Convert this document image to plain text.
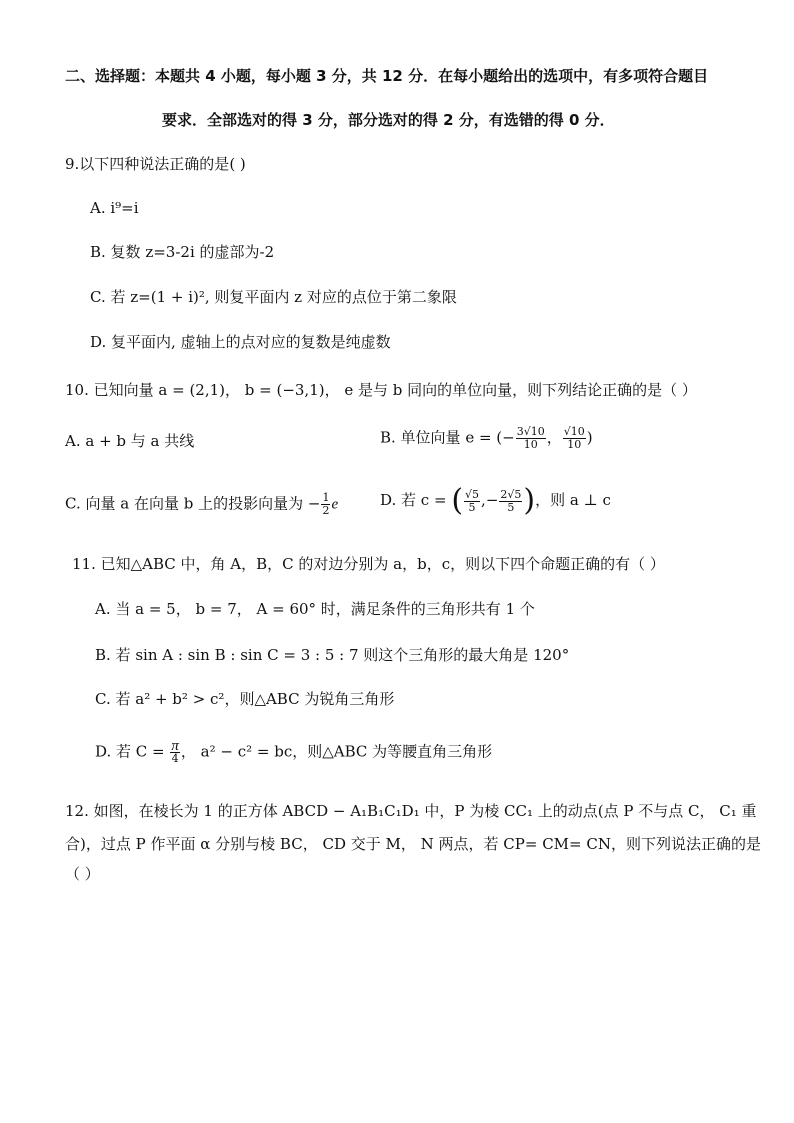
二、选择题：本题共 4 小题，每小题 3 分，共 12 分．在每小题给出的选项中，有多项符合题目
要求．全部选对的得 3 分，部分选对的得 2 分，有选错的得 0 分．
9.以下四种说法正确的是( )
A. i⁹=i
B. 复数 z=3-2i 的虚部为-2
C. 若 z=(1 + i)², 则复平面内 z 对应的点位于第二象限
D. 复平面内, 虚轴上的点对应的复数是纯虚数
10. 已知向量 a = (2,1)， b = (−3,1)， e 是与 b 同向的单位向量，则下列结论正确的是（ ）
A. a + b 与 a 共线	B. 单位向量 e = (− $\frac{3√10}{10}$ ， $\frac{√10}{10}$ )
C. 向量 a 在向量 b 上的投影向量为 − $\frac{1}{2}$ e	D. 若 c = ( $\frac{√5}{5}$ ,− $\frac{2√5}{5}$ )，则 a ⊥ c
11. 已知△ABC 中，角 A，B，C 的对边分别为 a，b，c，则以下四个命题正确的有（ ）
A. 当 a = 5， b = 7， A = 60° 时，满足条件的三角形共有 1 个
B. 若 sin A : sin B : sin C = 3 : 5 : 7 则这个三角形的最大角是 120°
C. 若 a² + b² > c²，则△ABC 为锐角三角形
D. 若 $C = \frac{\pi}{4}$ ， a² − c² = bc，则△ABC 为等腰直角三角形
12. 如图，在棱长为 1 的正方体 ABCD − A₁B₁C₁D₁ 中，P 为棱 CC₁ 上的动点(点 P 不与点 C， C₁ 重
合)，过点 P 作平面 α 分别与棱 BC， CD 交于 M， N 两点，若 CP= CM= CN，则下列说法正确的是
（ ）
